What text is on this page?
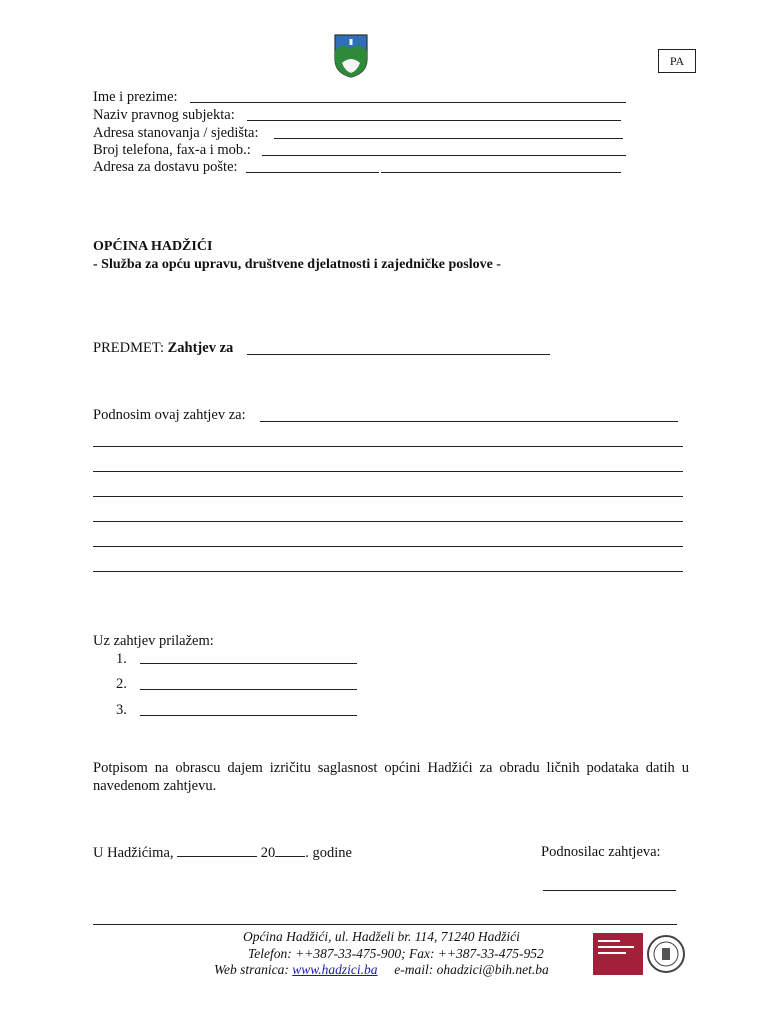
PA
Ime i prezime:
Naziv pravnog subjekta:
Adresa stanovanja / sjedišta:
Broj telefona, fax-a i mob.:
Adresa za dostavu pošte:
OPĆINA HADŽIĆI
- Služba za opću upravu, društvene djelatnosti i zajedničke poslove -
PREDMET: Zahtjev za
Podnosim ovaj zahtjev za:
Uz zahtjev prilažem:
1.
2.
3.
Potpisom na obrascu dajem izričitu saglasnost općini Hadžići za obradu ličnih podataka datih u navedenom zahtjevu.
U Hadžićima,	20 . godine	Podnosilac zahtjeva:
Općina Hadžići, ul. Hadželi br. 114, 71240 Hadžići
Telefon: ++387-33-475-900; Fax: ++387-33-475-952
Web stranica: www.hadzici.ba e-mail: ohadzici@bih.net.ba
